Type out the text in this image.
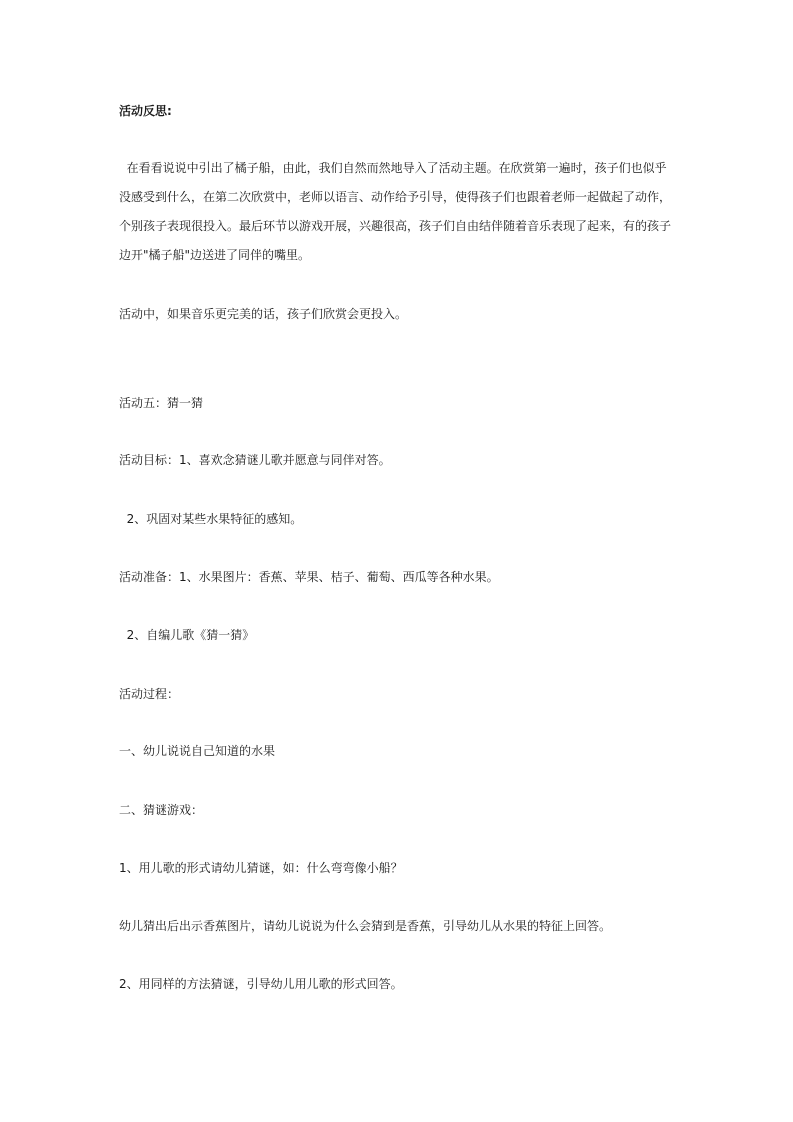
活动反思:
在看看说说中引出了橘子船，由此，我们自然而然地导入了活动主题。在欣赏第一遍时，孩子们也似乎
没感受到什么，在第二次欣赏中，老师以语言、动作给予引导，使得孩子们也跟着老师一起做起了动作，
个别孩子表现很投入。最后环节以游戏开展，兴趣很高，孩子们自由结伴随着音乐表现了起来，有的孩子
边开"橘子船"边送进了同伴的嘴里。
活动中，如果音乐更完美的话，孩子们欣赏会更投入。
活动五：猜一猜
活动目标：1、喜欢念猜谜儿歌并愿意与同伴对答。
2、巩固对某些水果特征的感知。
活动准备：1、水果图片：香蕉、苹果、桔子、葡萄、西瓜等各种水果。
2、自编儿歌《猜一猜》
活动过程：
一、幼儿说说自己知道的水果
二、猜谜游戏：
1、用儿歌的形式请幼儿猜谜，如：什么弯弯像小船？
幼儿猜出后出示香蕉图片，请幼儿说说为什么会猜到是香蕉，引导幼儿从水果的特征上回答。
2、用同样的方法猜谜，引导幼儿用儿歌的形式回答。
